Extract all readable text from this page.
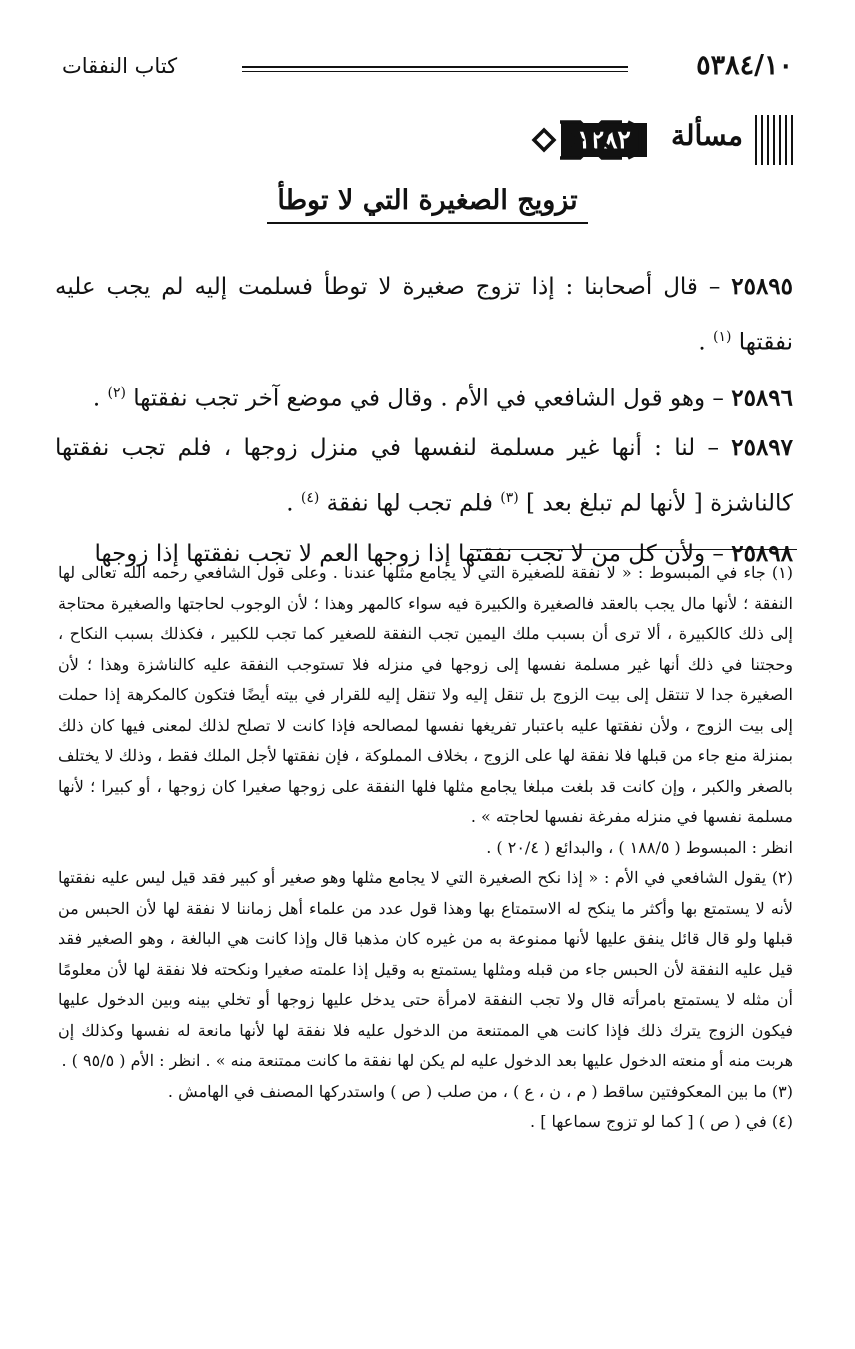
٥٣٨٤/١٠
كتاب النفقات
مسألة
١٢٨٢
تزويج الصغيرة التي لا توطأ

٢٥٨٩٥ – قال أصحابنا : إذا تزوج صغيرة لا توطأ فسلمت إليه لم يجب عليه نفقتها $^{(١)}$ .

٢٥٨٩٦ – وهو قول الشافعي في الأم . وقال في موضع آخر تجب نفقتها $^{(٢)}$ .

٢٥٨٩٧ – لنا : أنها غير مسلمة لنفسها في منزل زوجها ، فلم تجب نفقتها كالناشزة [ لأنها لم تبلغ بعد ] $^{(٣)}$ فلم تجب لها نفقة $^{(٤)}$ .

٢٥٨٩٨ – ولأن كل من لا تجب نفقتها إذا زوجها العم لا تجب نفقتها إذا زوجها

(١) جاء في المبسوط : « لا نفقة للصغيرة التي لا يجامع مثلها عندنا . وعلى قول الشافعي رحمه الله تعالى لها النفقة ؛ لأنها مال يجب بالعقد فالصغيرة والكبيرة فيه سواء كالمهر وهذا ؛ لأن الوجوب لحاجتها والصغيرة محتاجة إلى ذلك كالكبيرة ، ألا ترى أن بسبب ملك اليمين تجب النفقة للصغير كما تجب للكبير ، فكذلك بسبب النكاح ، وحجتنا في ذلك أنها غير مسلمة نفسها إلى زوجها في منزله فلا تستوجب النفقة عليه كالناشزة وهذا ؛ لأن الصغيرة جدا لا تنتقل إلى بيت الزوج بل تنقل إليه ولا تنقل إليه للقرار في بيته أيضًا فتكون كالمكرهة إذا حملت إلى بيت الزوج ، ولأن نفقتها عليه باعتبار تفريغها نفسها لمصالحه فإذا كانت لا تصلح لذلك لمعنى فيها كان ذلك بمنزلة منع جاء من قبلها فلا نفقة لها على الزوج ، بخلاف المملوكة ، فإن نفقتها لأجل الملك فقط ، وذلك لا يختلف بالصغر والكبر ، وإن كانت قد بلغت مبلغا يجامع مثلها فلها النفقة على زوجها صغيرا كان زوجها ، أو كبيرا ؛ لأنها مسلمة نفسها في منزله مفرغة نفسها لحاجته » .

انظر : المبسوط ( ١٨٨/٥ ) ، والبدائع ( ٢٠/٤ ) .

(٢) يقول الشافعي في الأم : « إذا نكح الصغيرة التي لا يجامع مثلها وهو صغير أو كبير فقد قيل ليس عليه نفقتها لأنه لا يستمتع بها وأكثر ما ينكح له الاستمتاع بها وهذا قول عدد من علماء أهل زماننا لا نفقة لها لأن الحبس من قبلها ولو قال قائل ينفق عليها لأنها ممنوعة به من غيره كان مذهبا قال وإذا كانت هي البالغة ، وهو الصغير فقد قيل عليه النفقة لأن الحبس جاء من قبله ومثلها يستمتع به وقيل إذا علمته صغيرا ونكحته فلا نفقة لها لأن معلومًا أن مثله لا يستمتع بامرأته قال ولا تجب النفقة لامرأة حتى يدخل عليها زوجها أو تخلي بينه وبين الدخول عليها فيكون الزوج يترك ذلك فإذا كانت هي الممتنعة من الدخول عليه فلا نفقة لها لأنها مانعة له نفسها وكذلك إن هربت منه أو منعته الدخول عليها بعد الدخول عليه لم يكن لها نفقة ما كانت ممتنعة منه » . انظر : الأم ( ٩٥/٥ ) .

(٣) ما بين المعكوفتين ساقط ( م ، ن ، ع ) ، من صلب ( ص ) واستدركها المصنف في الهامش .

(٤) في ( ص ) [ كما لو تزوج سماعها ] .
